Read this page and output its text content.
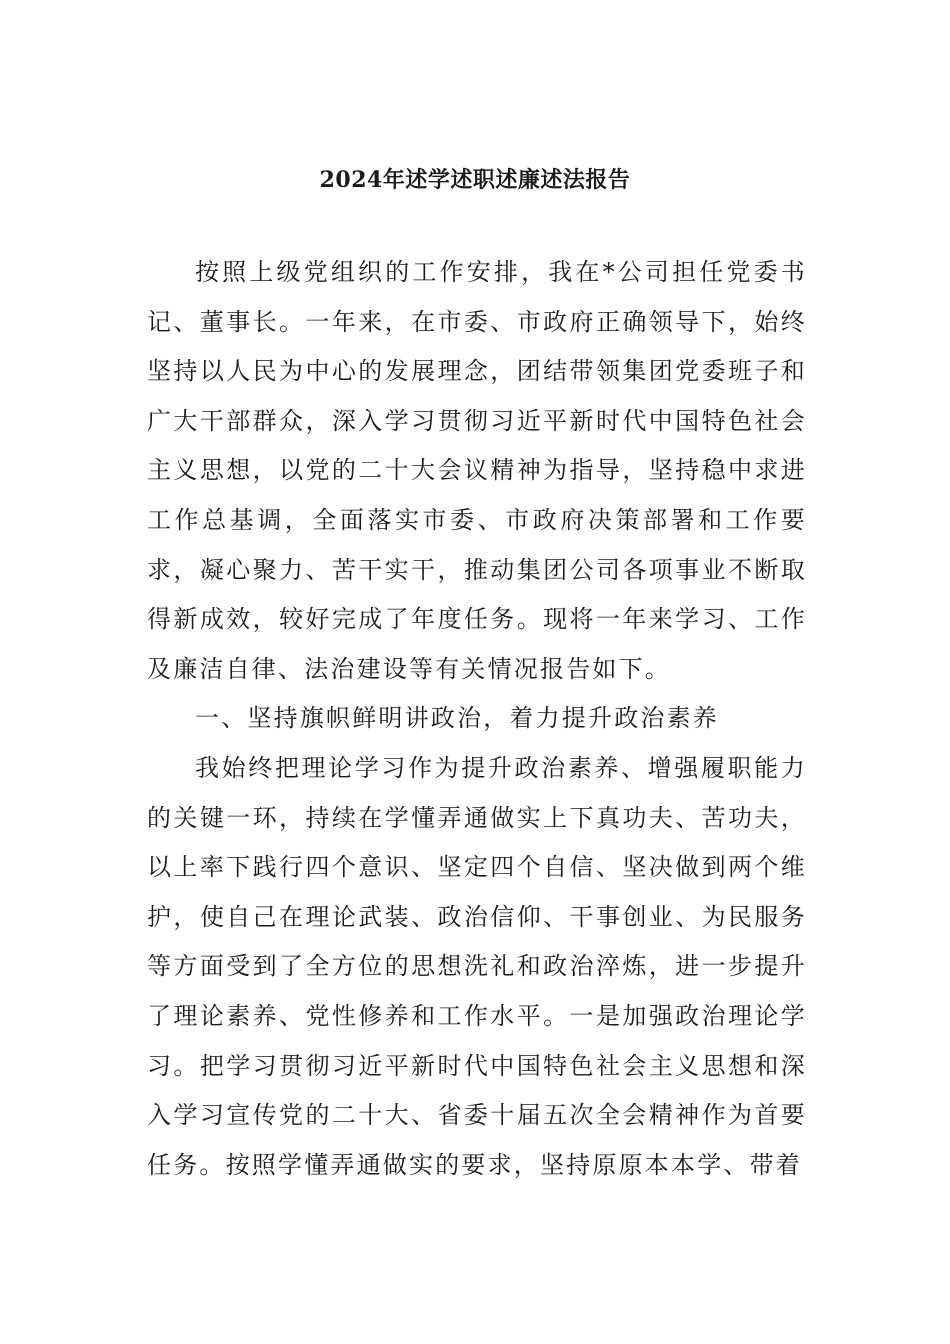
2024年述学述职述廉述法报告

按照上级党组织的工作安排，我在*公司担任党委书记、董事长。一年来，在市委、市政府正确领导下，始终坚持以人民为中心的发展理念，团结带领集团党委班子和广大干部群众，深入学习贯彻习近平新时代中国特色社会主义思想，以党的二十大会议精神为指导，坚持稳中求进工作总基调，全面落实市委、市政府决策部署和工作要求，凝心聚力、苦干实干，推动集团公司各项事业不断取得新成效，较好完成了年度任务。现将一年来学习、工作及廉洁自律、法治建设等有关情况报告如下。

一、坚持旗帜鲜明讲政治，着力提升政治素养

我始终把理论学习作为提升政治素养、增强履职能力的关键一环，持续在学懂弄通做实上下真功夫、苦功夫，以上率下践行四个意识、坚定四个自信、坚决做到两个维护，使自己在理论武装、政治信仰、干事创业、为民服务等方面受到了全方位的思想洗礼和政治淬炼，进一步提升了理论素养、党性修养和工作水平。一是加强政治理论学习。把学习贯彻习近平新时代中国特色社会主义思想和深入学习宣传党的二十大、省委十届五次全会精神作为首要任务。按照学懂弄通做实的要求，坚持原原本本学、带着
